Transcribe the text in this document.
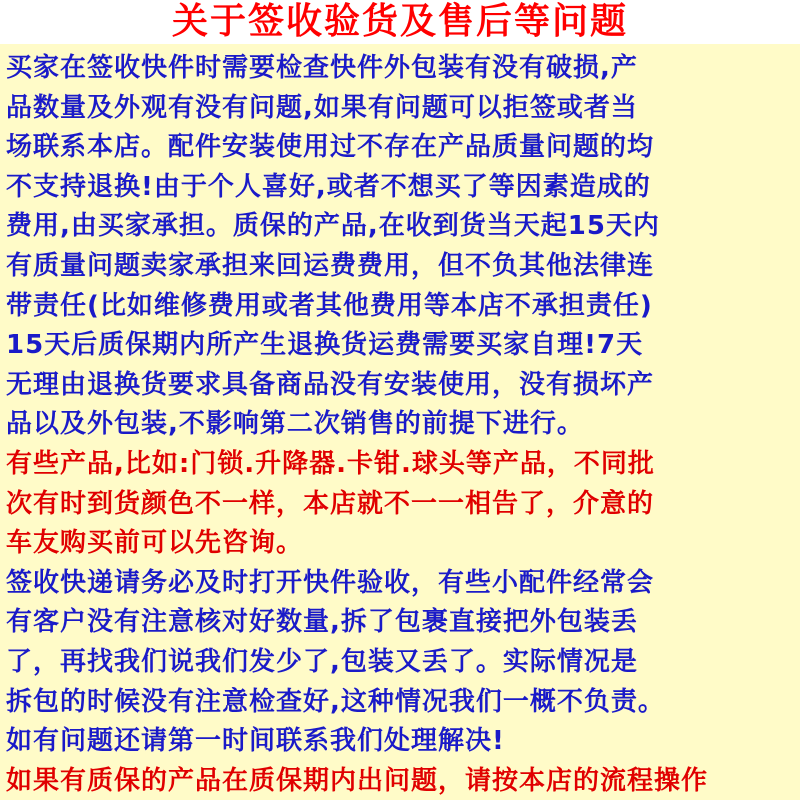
关于签收验货及售后等问题
买家在签收快件时需要检查快件外包装有没有破损,产
品数量及外观有没有问题,如果有问题可以拒签或者当
场联系本店。配件安装使用过不存在产品质量问题的均
不支持退换!由于个人喜好,或者不想买了等因素造成的
费用,由买家承担。质保的产品,在收到货当天起15天内
有质量问题卖家承担来回运费费用，但不负其他法律连
带责任(比如维修费用或者其他费用等本店不承担责任)
15天后质保期内所产生退换货运费需要买家自理!7天
无理由退换货要求具备商品没有安装使用，没有损坏产
品以及外包装,不影响第二次销售的前提下进行。
有些产品,比如:门锁.升降器.卡钳.球头等产品，不同批
次有时到货颜色不一样，本店就不一一相告了，介意的
车友购买前可以先咨询。
签收快递请务必及时打开快件验收，有些小配件经常会
有客户没有注意核对好数量,拆了包裹直接把外包装丢
了，再找我们说我们发少了,包装又丢了。实际情况是
拆包的时候没有注意检查好,这种情况我们一概不负责。
如有问题还请第一时间联系我们处理解决!
如果有质保的产品在质保期内出问题，请按本店的流程操作
